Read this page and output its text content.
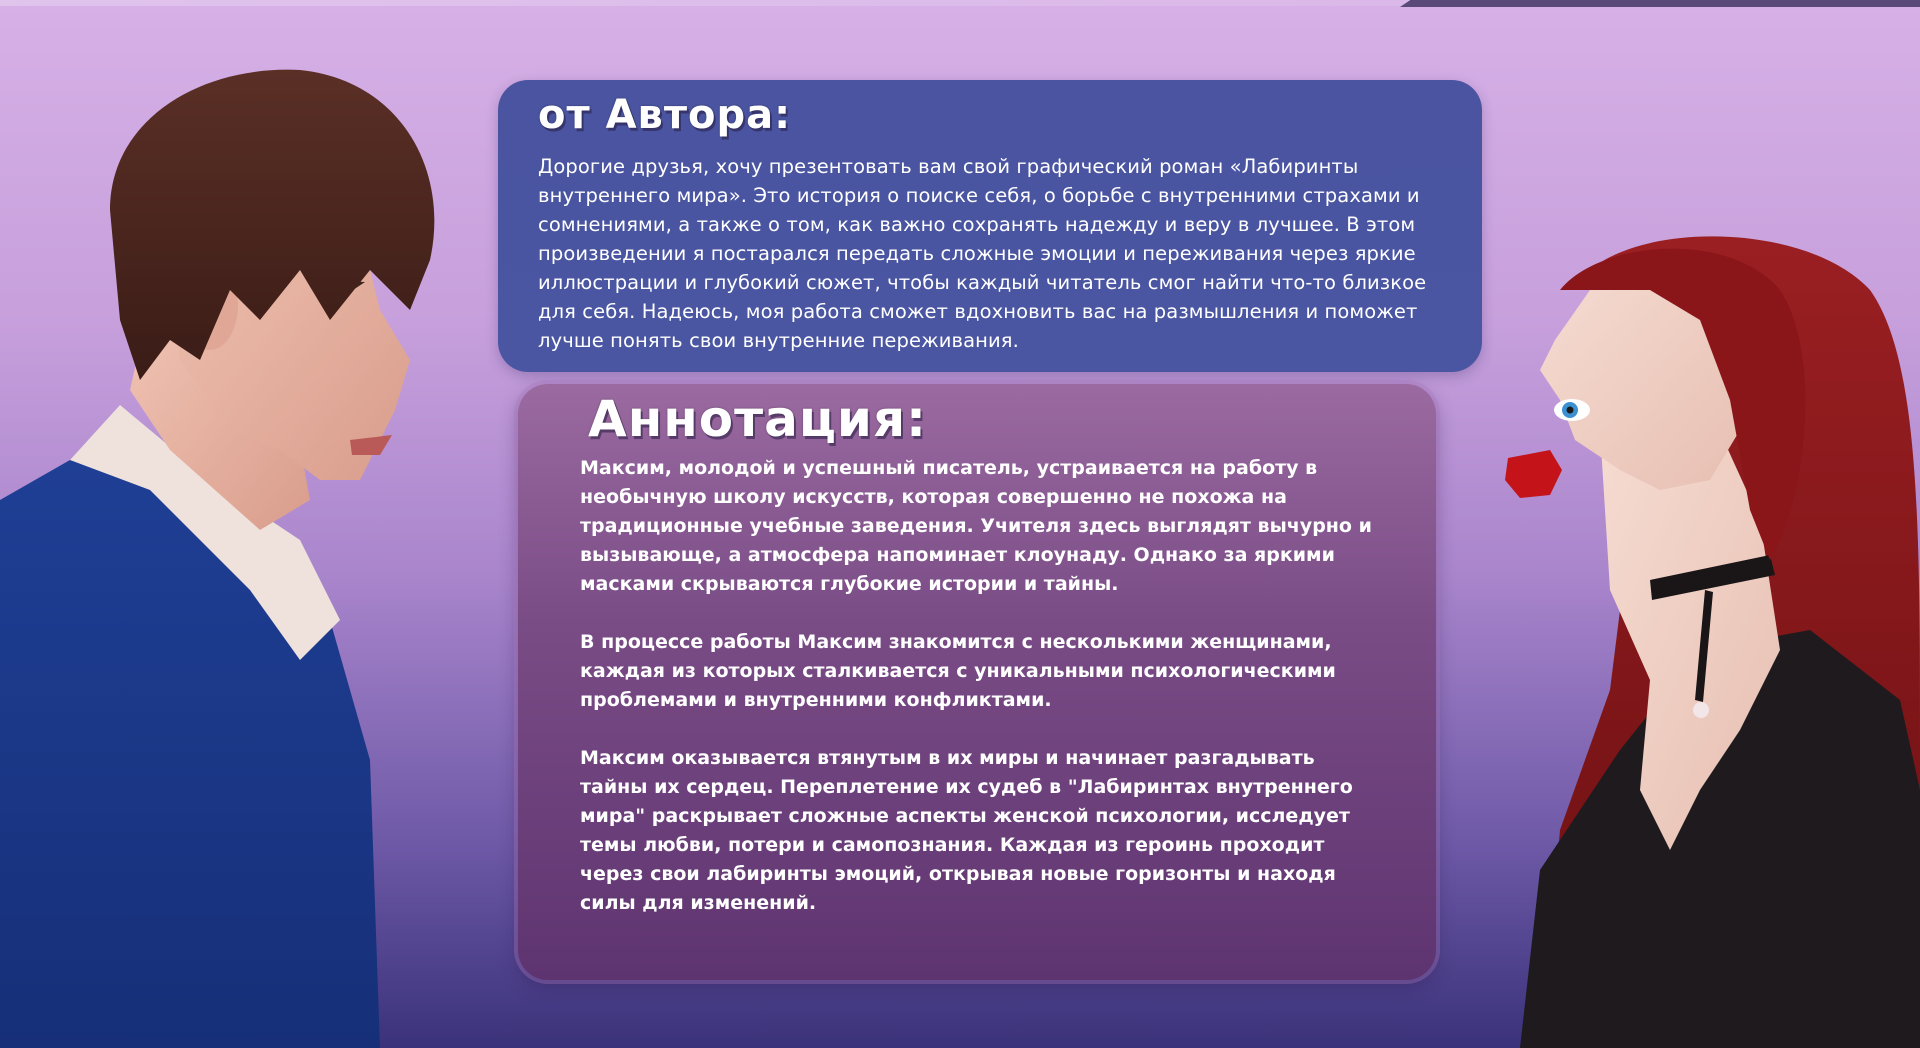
от Автора:

Дорогие друзья, хочу презентовать вам свой графический роман «Лабиринты внутреннего мира». Это история о поиске себя, о борьбе с внутренними страхами и сомнениями, а также о том, как важно сохранять надежду и веру в лучшее. В этом произведении я постарался передать сложные эмоции и переживания через яркие иллюстрации и глубокий сюжет, чтобы каждый читатель смог найти что-то близкое для себя. Надеюсь, моя работа сможет вдохновить вас на размышления и поможет лучше понять свои внутренние переживания.

Аннотация:

Максим, молодой и успешный писатель, устраивается на работу в необычную школу искусств, которая совершенно не похожа на традиционные учебные заведения. Учителя здесь выглядят вычурно и вызывающе, а атмосфера напоминает клоунаду. Однако за яркими масками скрываются глубокие истории и тайны.

В процессе работы Максим знакомится с несколькими женщинами, каждая из которых сталкивается с уникальными психологическими проблемами и внутренними конфликтами.

Максим оказывается втянутым в их миры и начинает разгадывать тайны их сердец. Переплетение их судеб в "Лабиринтах внутреннего мира" раскрывает сложные аспекты женской психологии, исследует темы любви, потери и самопознания. Каждая из героинь проходит через свои лабиринты эмоций, открывая новые горизонты и находя силы для изменений.
